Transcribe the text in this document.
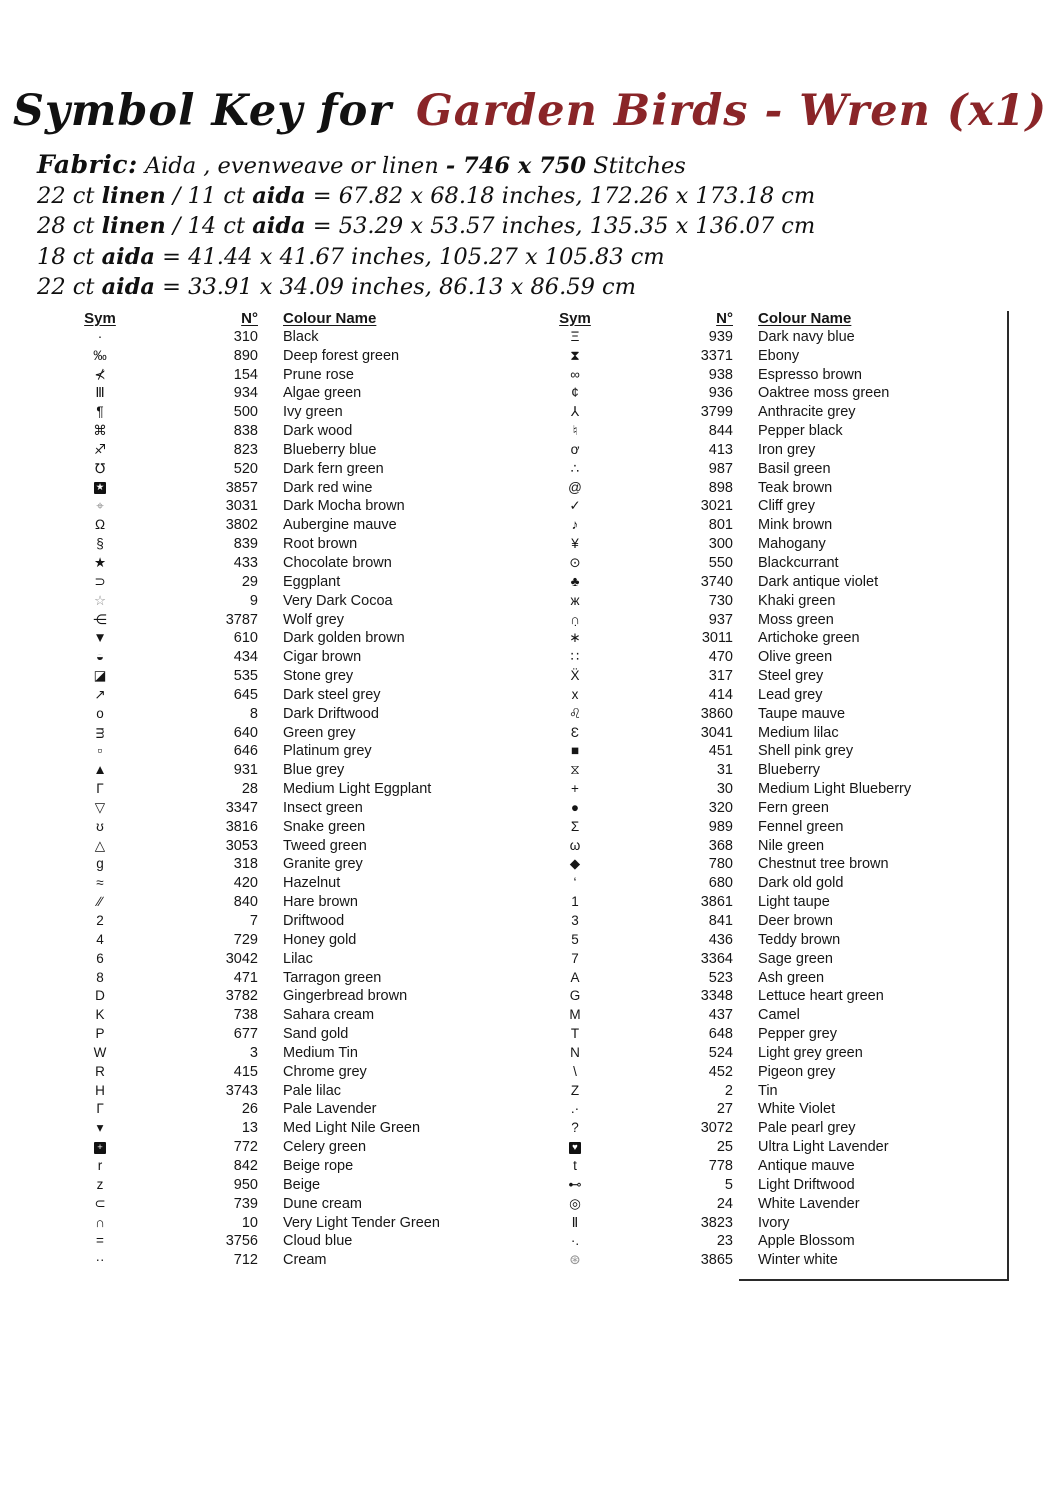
Symbol Key for Garden Birds - Wren (x1)
Fabric: Aida , evenweave or linen - 746 x 750 Stitches
22 ct linen / 11 ct aida = 67.82 x 68.18 inches, 172.26 x 173.18 cm
28 ct linen / 14 ct aida = 53.29 x 53.57 inches, 135.35 x 136.07 cm
18 ct aida = 41.44 x 41.67 inches, 105.27 x 105.83 cm
22 ct aida = 33.91 x 34.09 inches, 86.13 x 86.59 cm
Sym	N°	Colour Name
·	310	Black
‰	890	Deep forest green
⊀	154	Prune rose
Ⅲ	934	Algae green
¶	500	Ivy green
⌘	838	Dark wood
♐	823	Blueberry blue
℧	520	Dark fern green
★	3857	Dark red wine
⌖	3031	Dark Mocha brown
Ω	3802	Aubergine mauve
§	839	Root brown
★	433	Chocolate brown
⊃	29	Eggplant
☆	9	Very Dark Cocoa
⋲	3787	Wolf grey
▼	610	Dark golden brown
◒	434	Cigar brown
◪	535	Stone grey
↗	645	Dark steel grey
o	8	Dark Driftwood
ᴟ	640	Green grey
▫	646	Platinum grey
▲	931	Blue grey
Γ	28	Medium Light Eggplant
▽	3347	Insect green
ʊ	3816	Snake green
△	3053	Tweed green
g	318	Granite grey
≈	420	Hazelnut
∕∕	840	Hare brown
2	7	Driftwood
4	729	Honey gold
6	3042	Lilac
8	471	Tarragon green
D	3782	Gingerbread brown
K	738	Sahara cream
P	677	Sand gold
W	3	Medium Tin
R	415	Chrome grey
H	3743	Pale lilac
Г	26	Pale Lavender
▾	13	Med Light Nile Green
+	772	Celery green
r	842	Beige rope
z	950	Beige
⊂	739	Dune cream
∩	10	Very Light Tender Green
=	3756	Cloud blue
··	712	Cream
Sym	N°	Colour Name
Ξ	939	Dark navy blue
⧗	3371	Ebony
∞	938	Espresso brown
¢	936	Oaktree moss green
⅄	3799	Anthracite grey
♮	844	Pepper black
ơ	413	Iron grey
∴	987	Basil green
@	898	Teak brown
✓	3021	Cliff grey
♪	801	Mink brown
¥	300	Mahogany
⊙	550	Blackcurrant
♣	3740	Dark antique violet
ж	730	Khaki green
∩̣	937	Moss green
∗	3011	Artichoke green
∷	470	Olive green
Ẍ	317	Steel grey
x	414	Lead grey
♌	3860	Taupe mauve
Ɛ	3041	Medium lilac
■	451	Shell pink grey
⧖	31	Blueberry
+	30	Medium Light Blueberry
●	320	Fern green
Σ	989	Fennel green
ω	368	Nile green
◆	780	Chestnut tree brown
‘	680	Dark old gold
1	3861	Light taupe
3	841	Deer brown
5	436	Teddy brown
7	3364	Sage green
A	523	Ash green
G	3348	Lettuce heart green
M	437	Camel
T	648	Pepper grey
N	524	Light grey green
\	452	Pigeon grey
Z	2	Tin
.·	27	White Violet
?	3072	Pale pearl grey
♥	25	Ultra Light Lavender
t	778	Antique mauve
⊷	5	Light Driftwood
◎	24	White Lavender
Ⅱ	3823	Ivory
·.	23	Apple Blossom
⊛	3865	Winter white
